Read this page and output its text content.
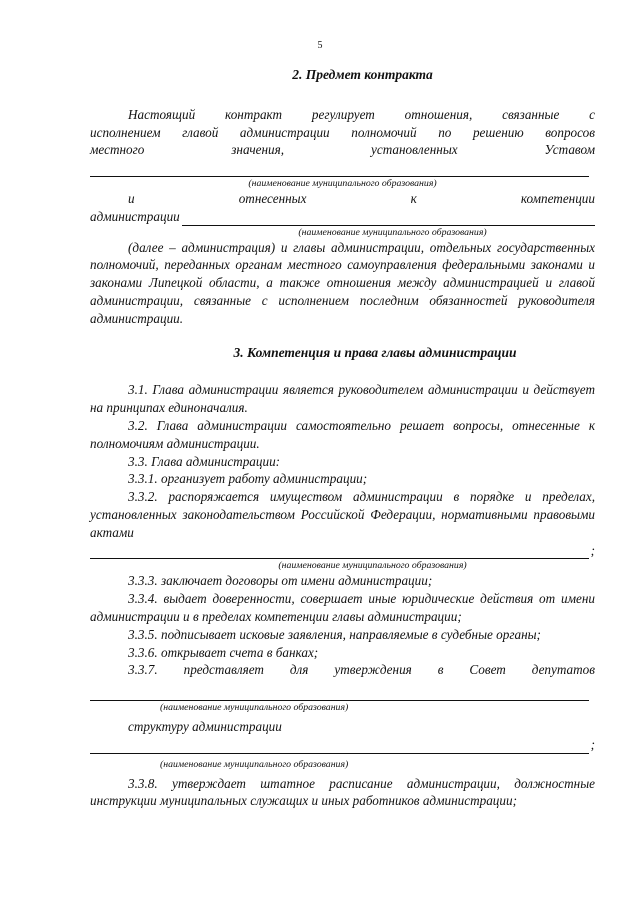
5
2. Предмет контракта

Настоящий контракт регулирует отношения, связанные с

исполнением главой администрации полномочий по решению вопросов

местного значения, установленных Уставом

(наименование муниципального образования)

и отнесенных к компетенции

администрации
(наименование муниципального образования)

(далее – администрация) и главы администрации, отдельных государственных полномочий, переданных органам местного самоуправления федеральными законами и законами Липецкой области, а также отношения между администрацией и главой администрации, связанные с исполнением последним обязанностей руководителя администрации.

3. Компетенция и права главы администрации

3.1. Глава администрации является руководителем администрации и действует на принципах единоначалия.

3.2. Глава администрации самостоятельно решает вопросы, отнесенные к полномочиям администрации.

3.3. Глава администрации:

3.3.1. организует работу администрации;

3.3.2. распоряжается имуществом администрации в порядке и пределах, установленных законодательством Российской Федерации, нормативными правовыми актами

;
(наименование муниципального образования)

3.3.3. заключает договоры от имени администрации;

3.3.4. выдает доверенности, совершает иные юридические действия от имени администрации и в пределах компетенции главы администрации;

3.3.5. подписывает исковые заявления, направляемые в судебные органы;

3.3.6. открывает счета в банках;

3.3.7. представляет для утверждения в Совет депутатов

(наименование муниципального образования)

структуру администрации

;
(наименование муниципального образования)

3.3.8. утверждает штатное расписание администрации, должностные инструкции муниципальных служащих и иных работников администрации;
